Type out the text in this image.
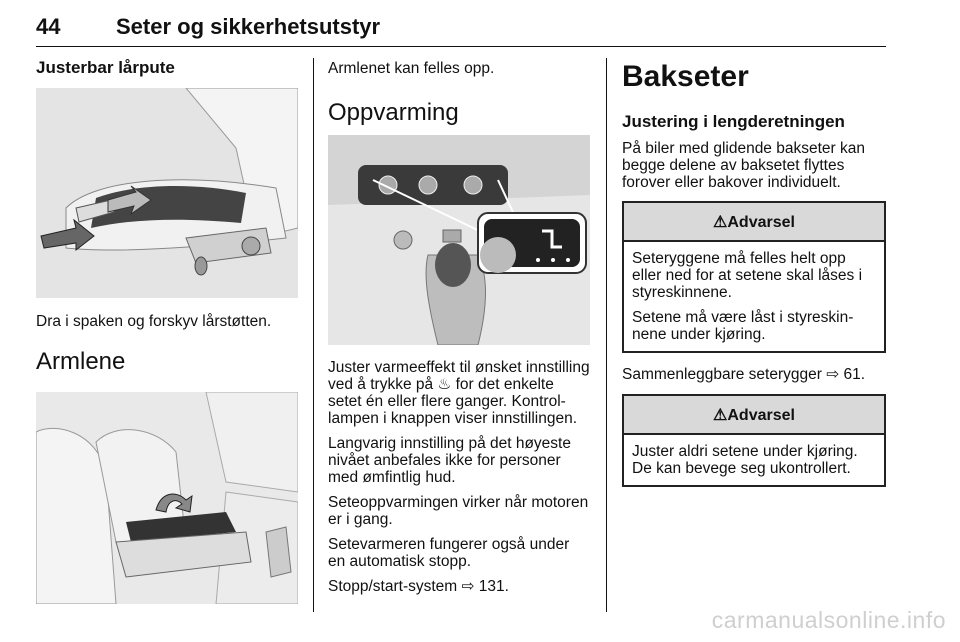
44	Seter og sikkerhetsutstyr
Justerbar lårpute

Dra i spaken og forskyv lårstøtten.

Armlene

Armlenet kan felles opp.

Oppvarming

Juster varmeeffekt til ønsket innstilling ved å trykke på ♨ for det enkelte setet én eller flere ganger. Kontrollampen i knappen viser innstillingen.

Langvarig innstilling på det høyeste nivået anbefales ikke for personer med ømfintlig hud.

Seteoppvarmingen virker når motoren er i gang.

Setevarmeren fungerer også under en automatisk stopp.

Stopp/start-system ⇨ 131.

Bakseter
Justering i lengderetningen

På biler med glidende bakseter kan begge delene av baksetet flyttes forover eller bakover individuelt.

⚠Advarsel

Seteryggene må felles helt opp eller ned for at setene skal låses i styreskinnene.

Setene må være låst i styreskinnene under kjøring.

Sammenleggbare seterygger ⇨ 61.

⚠Advarsel

Juster aldri setene under kjøring. De kan bevege seg ukontrollert.

carmanualsonline.info
